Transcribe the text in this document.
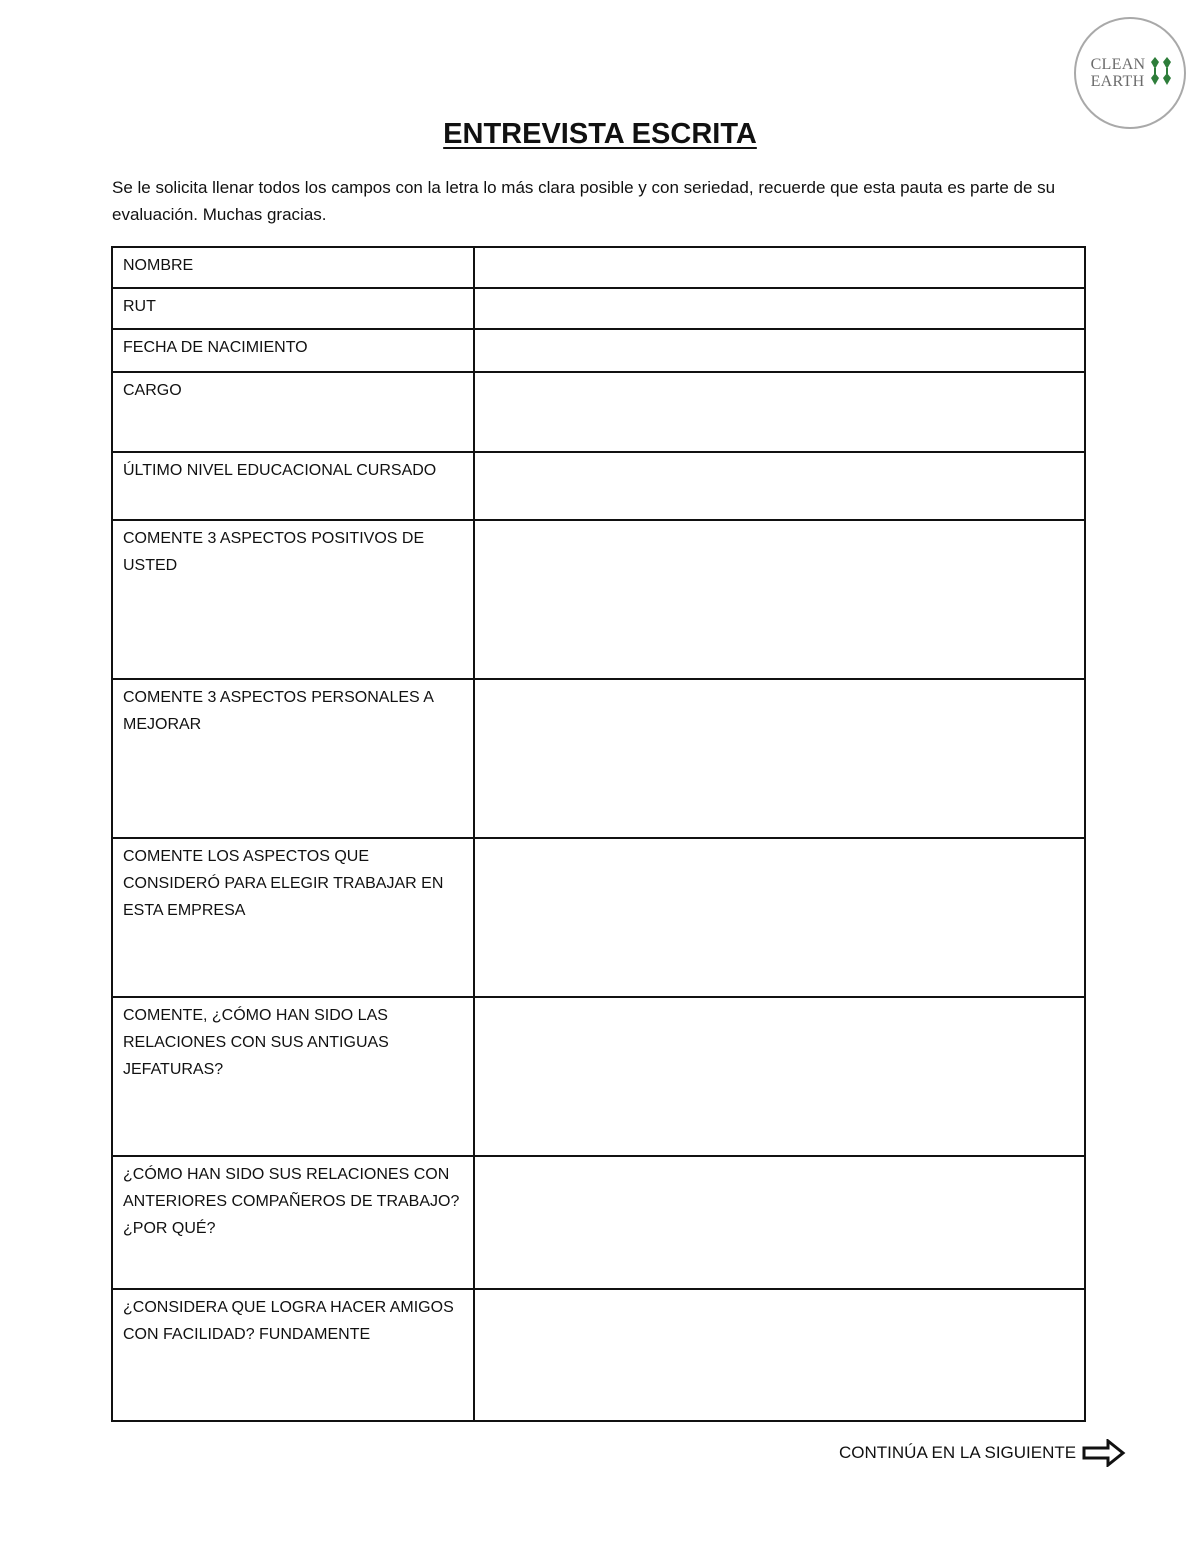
CLEAN
EARTH
ENTREVISTA ESCRITA

Se le solicita llenar todos los campos con la letra lo más clara posible y con seriedad, recuerde que esta pauta es parte de su evaluación. Muchas gracias.

NOMBRE	
RUT	
FECHA DE NACIMIENTO	
CARGO	
ÚLTIMO NIVEL EDUCACIONAL CURSADO	
COMENTE 3 ASPECTOS POSITIVOS DE USTED	
COMENTE 3 ASPECTOS PERSONALES A MEJORAR	
COMENTE LOS ASPECTOS QUE CONSIDERÓ PARA ELEGIR TRABAJAR EN ESTA EMPRESA	
COMENTE, ¿CÓMO HAN SIDO LAS RELACIONES CON SUS ANTIGUAS JEFATURAS?	
¿CÓMO HAN SIDO SUS RELACIONES CON ANTERIORES COMPAÑEROS DE TRABAJO? ¿POR QUÉ?	
¿CONSIDERA QUE LOGRA HACER AMIGOS CON FACILIDAD? FUNDAMENTE	
CONTINÚA EN LA SIGUIENTE
